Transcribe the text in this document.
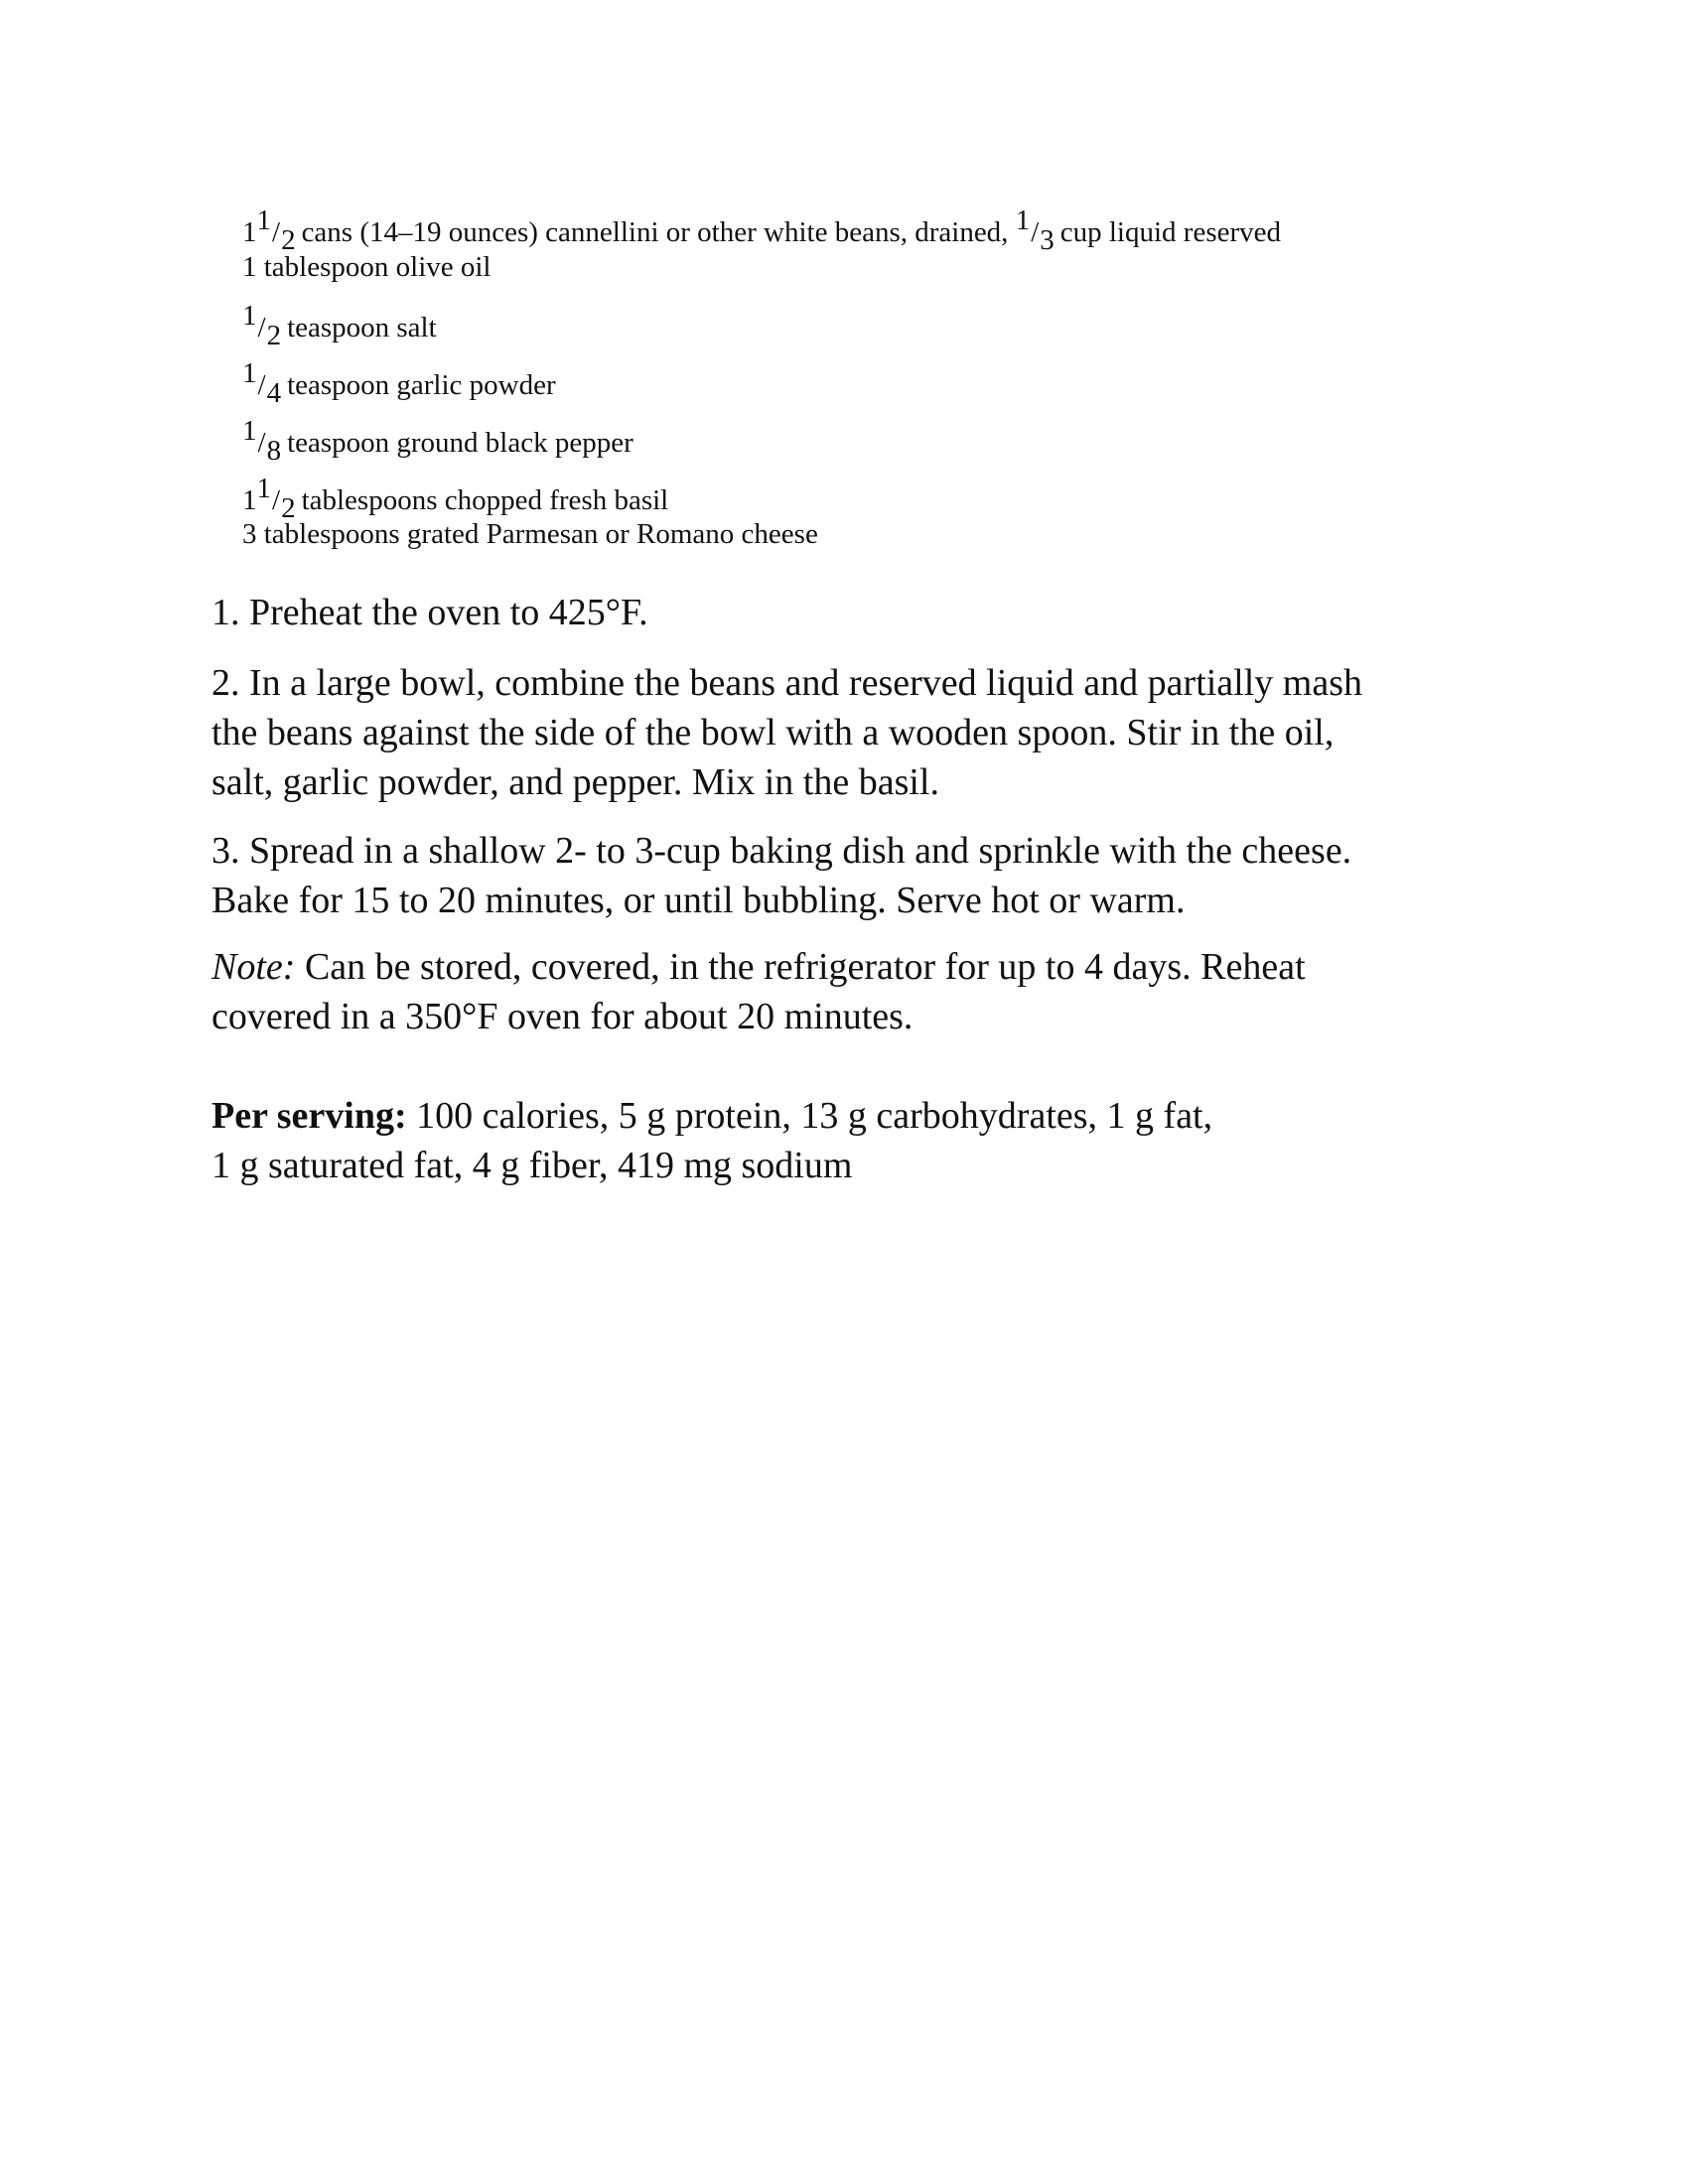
11/2 cans (14–19 ounces) cannellini or other white beans, drained, 1/3 cup liquid reserved
1 tablespoon olive oil
1/2 teaspoon salt
1/4 teaspoon garlic powder
1/8 teaspoon ground black pepper
11/2 tablespoons chopped fresh basil
3 tablespoons grated Parmesan or Romano cheese
1. Preheat the oven to 425°F.
2. In a large bowl, combine the beans and reserved liquid and partially mash
the beans against the side of the bowl with a wooden spoon. Stir in the oil,
salt, garlic powder, and pepper. Mix in the basil.
3. Spread in a shallow 2- to 3-cup baking dish and sprinkle with the cheese.
Bake for 15 to 20 minutes, or until bubbling. Serve hot or warm.
Note: Can be stored, covered, in the refrigerator for up to 4 days. Reheat
covered in a 350°F oven for about 20 minutes.
Per serving: 100 calories, 5 g protein, 13 g carbohydrates, 1 g fat,
1 g saturated fat, 4 g fiber, 419 mg sodium
